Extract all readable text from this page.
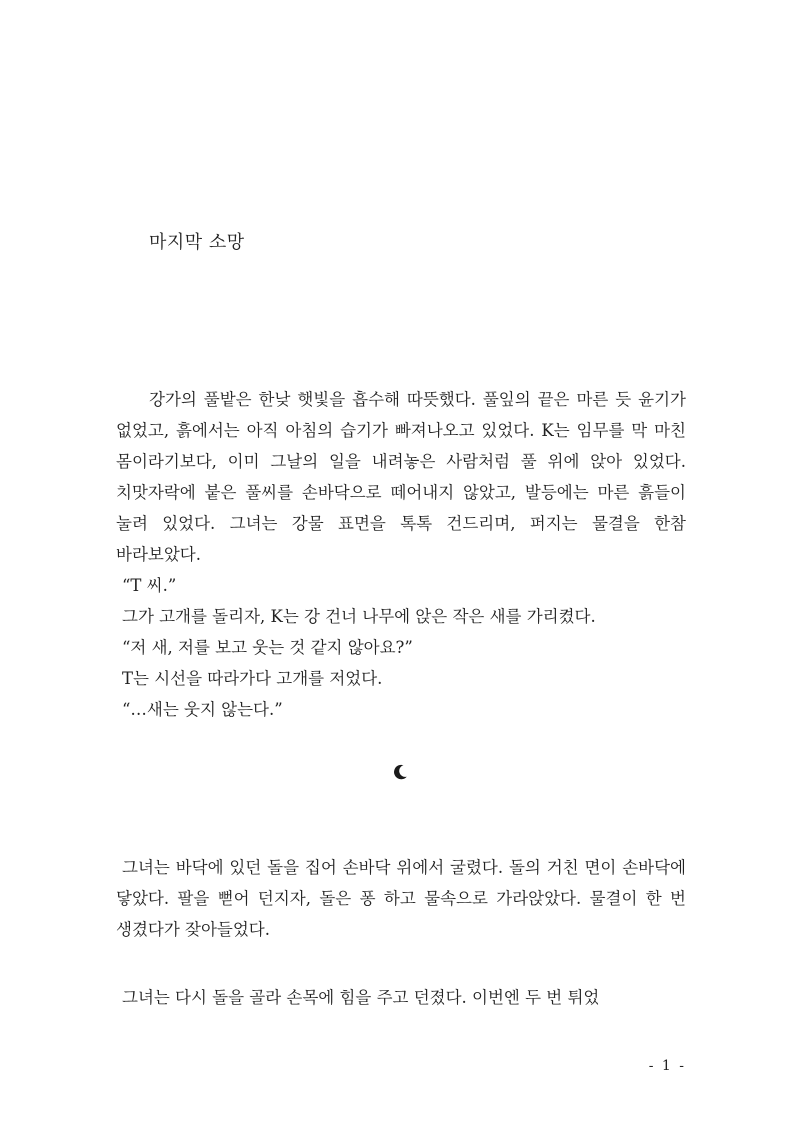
마지막 소망

강가의 풀밭은 한낮 햇빛을 흡수해 따뜻했다. 풀잎의 끝은 마른 듯 윤기가 없었고, 흙에서는 아직 아침의 습기가 빠져나오고 있었다. K는 임무를 막 마친 몸이라기보다, 이미 그날의 일을 내려놓은 사람처럼 풀 위에 앉아 있었다. 치맛자락에 붙은 풀씨를 손바닥으로 떼어내지 않았고, 발등에는 마른 흙들이 눌려 있었다. 그녀는 강물 표면을 톡톡 건드리며, 퍼지는 물결을 한참 바라보았다.

“T 씨.”

그가 고개를 돌리자, K는 강 건너 나무에 앉은 작은 새를 가리켰다.

“저 새, 저를 보고 웃는 것 같지 않아요?”

T는 시선을 따라가다 고개를 저었다.

“…새는 웃지 않는다.”

그녀는 바닥에 있던 돌을 집어 손바닥 위에서 굴렸다. 돌의 거친 면이 손바닥에 닿았다. 팔을 뻗어 던지자, 돌은 퐁 하고 물속으로 가라앉았다. 물결이 한 번 생겼다가 잦아들었다.

그녀는 다시 돌을 골라 손목에 힘을 주고 던졌다. 이번엔 두 번 튀었

- 1 -
